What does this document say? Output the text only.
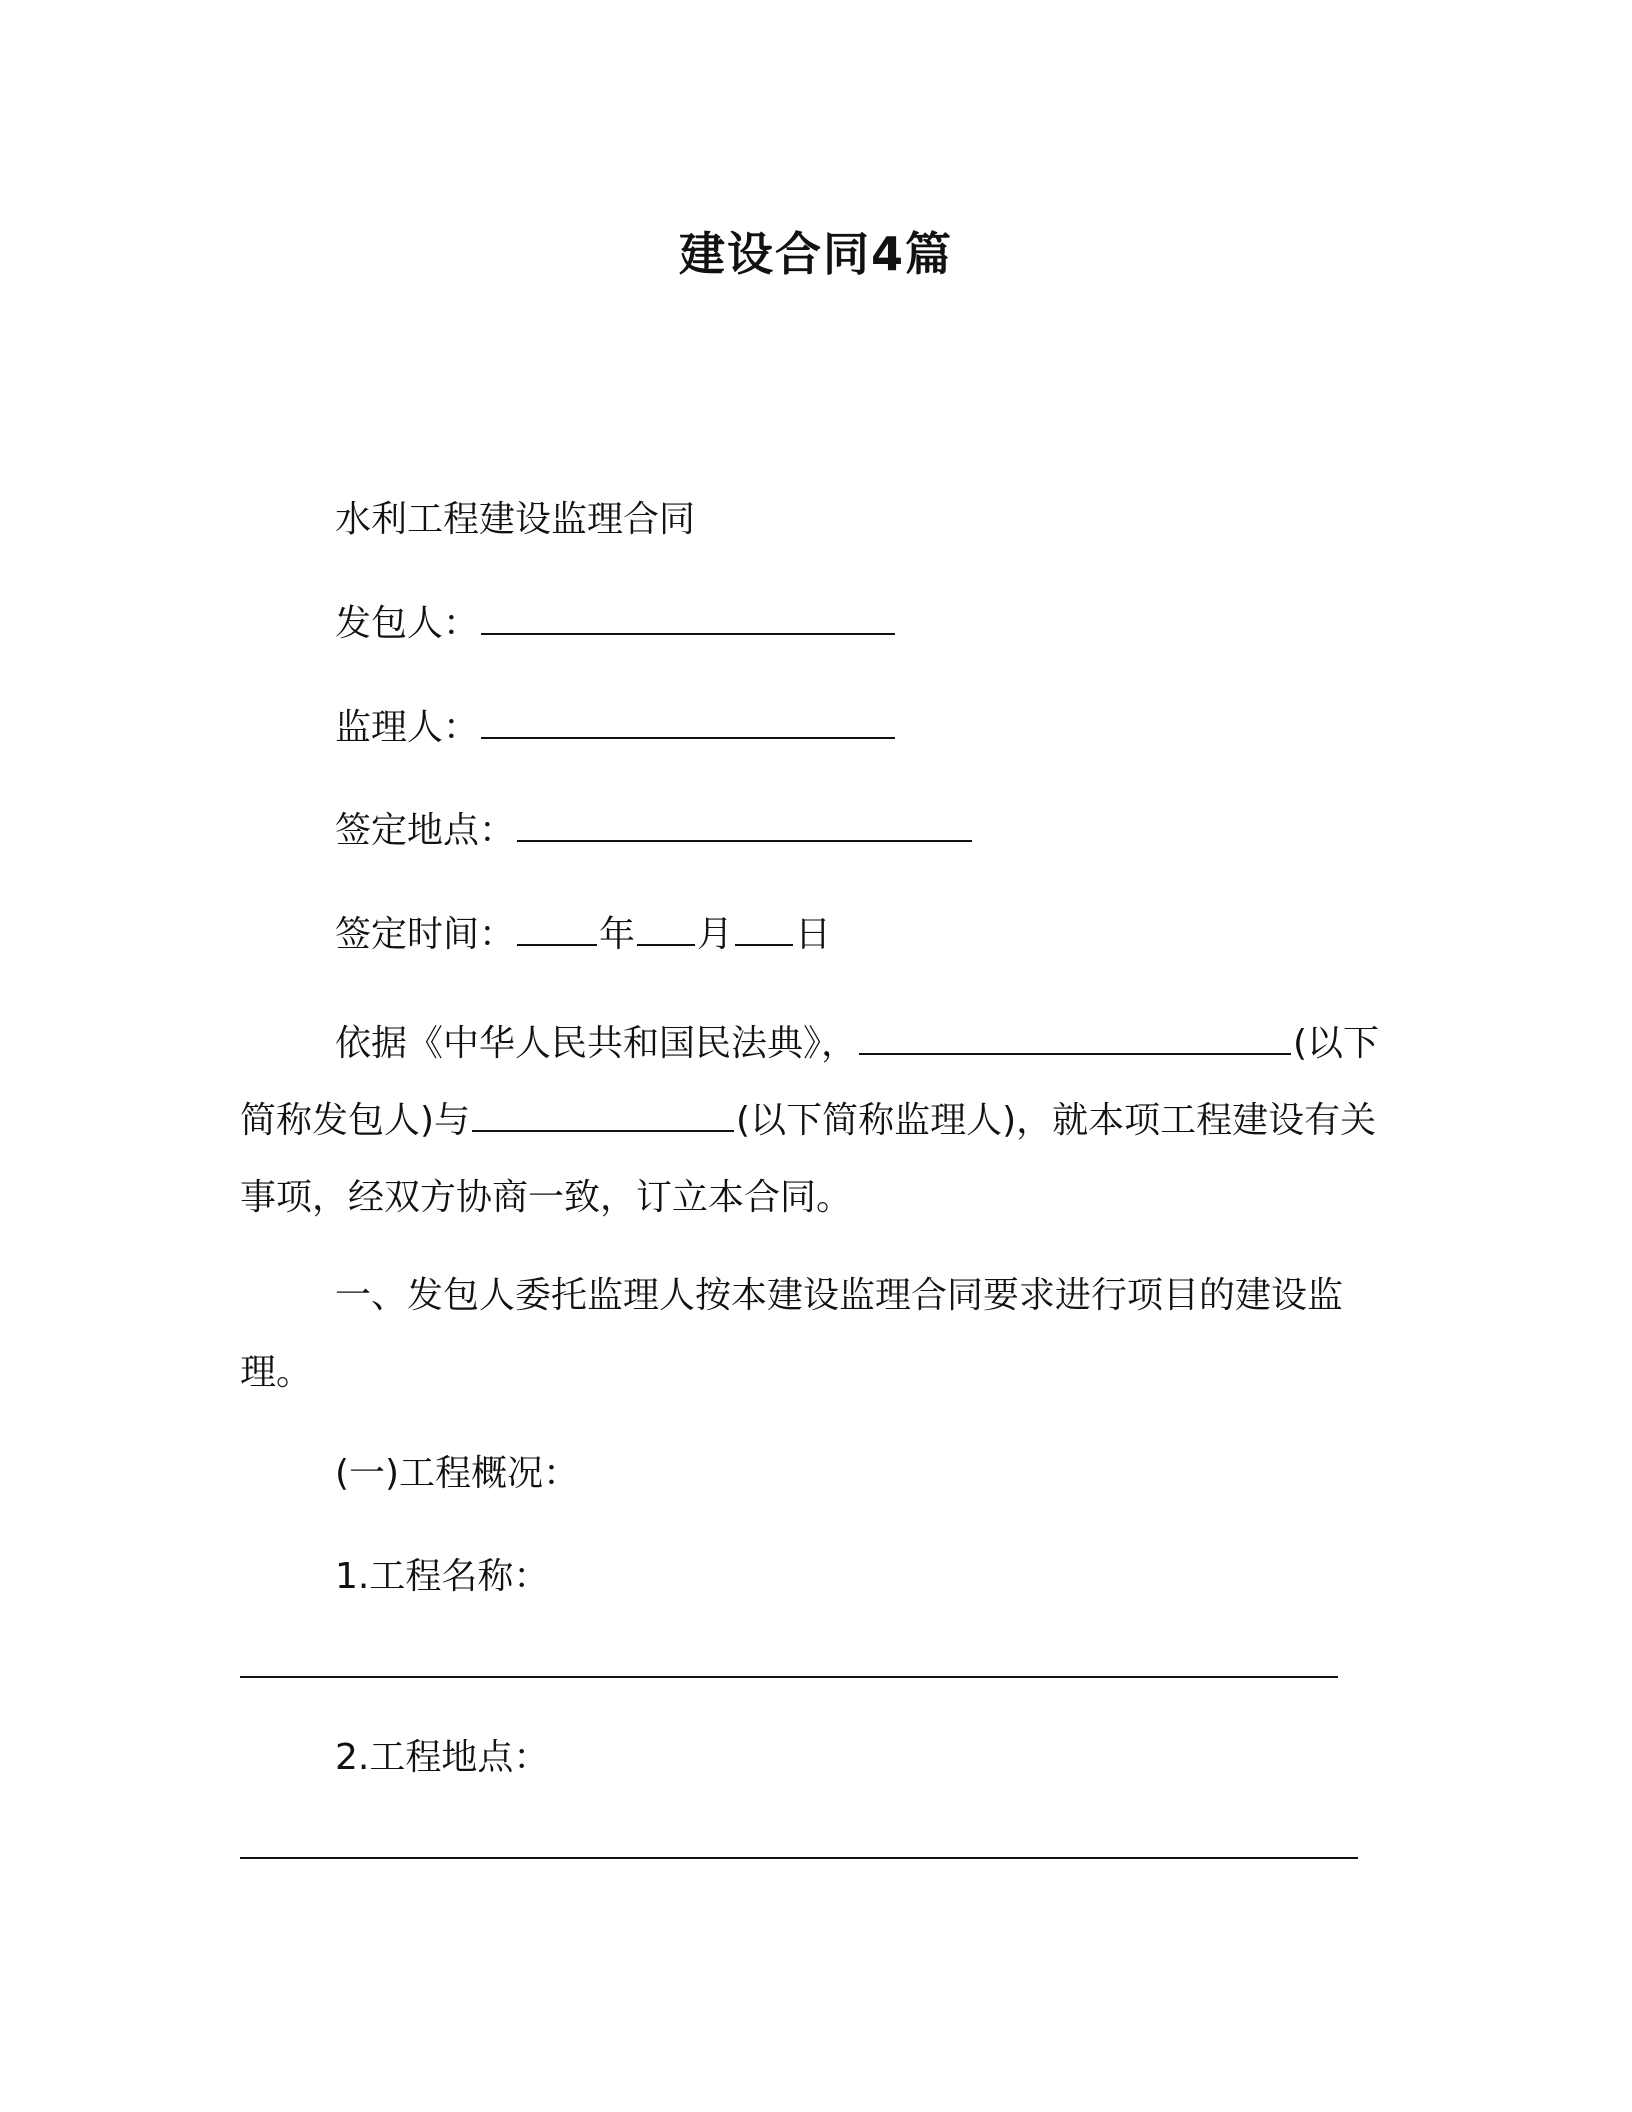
建设合同4篇
水利工程建设监理合同
发包人：
监理人：
签定地点：
签定时间： 年 月 日
依据《中华人民共和国民法典》，	(以下简称发包人)与	(以下简称监理人)，就本项工程建设有关事项，经双方协商一致，订立本合同。
一、发包人委托监理人按本建设监理合同要求进行项目的建设监理。
(一)工程概况：
1.工程名称：
2.工程地点：
